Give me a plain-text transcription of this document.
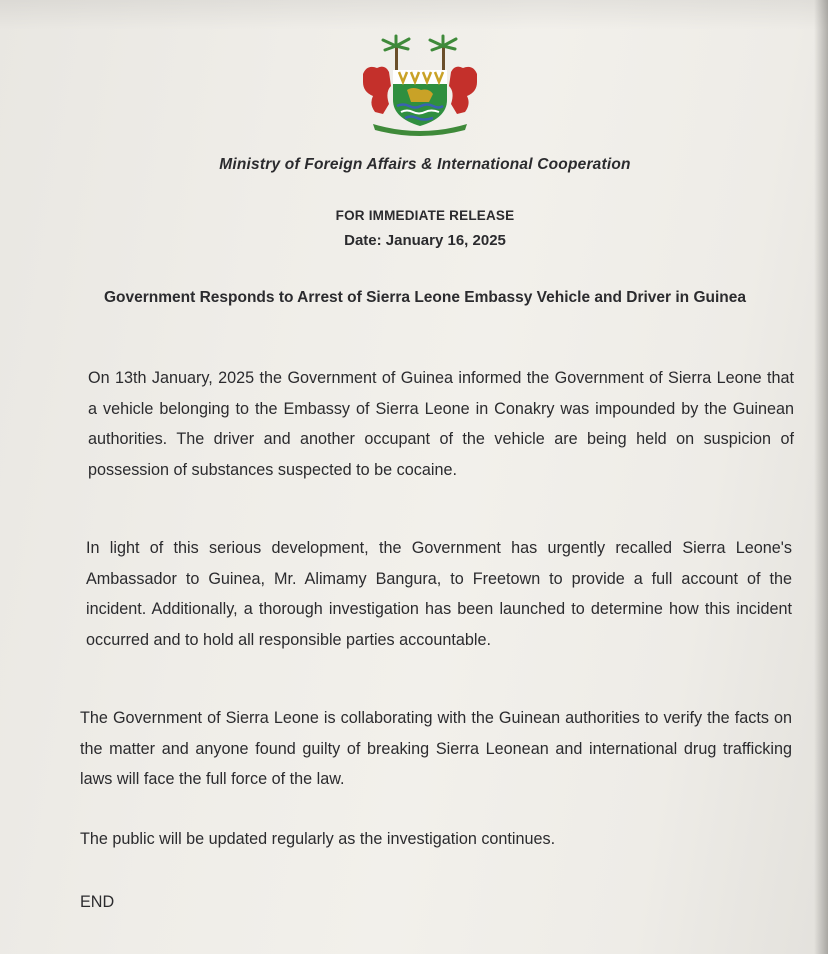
Ministry of Foreign Affairs & International Cooperation
FOR IMMEDIATE RELEASE
Date: January 16, 2025
Government Responds to Arrest of Sierra Leone Embassy Vehicle and Driver in Guinea
On 13th January, 2025 the Government of Guinea informed the Government of Sierra Leone that a vehicle belonging to the Embassy of Sierra Leone in Conakry was impounded by the Guinean authorities. The driver and another occupant of the vehicle are being held on suspicion of possession of substances suspected to be cocaine.
In light of this serious development, the Government has urgently recalled Sierra Leone's Ambassador to Guinea, Mr. Alimamy Bangura, to Freetown to provide a full account of the incident. Additionally, a thorough investigation has been launched to determine how this incident occurred and to hold all responsible parties accountable.
The Government of Sierra Leone is collaborating with the Guinean authorities to verify the facts on the matter and anyone found guilty of breaking Sierra Leonean and international drug trafficking laws will face the full force of the law.
The public will be updated regularly as the investigation continues.
END
